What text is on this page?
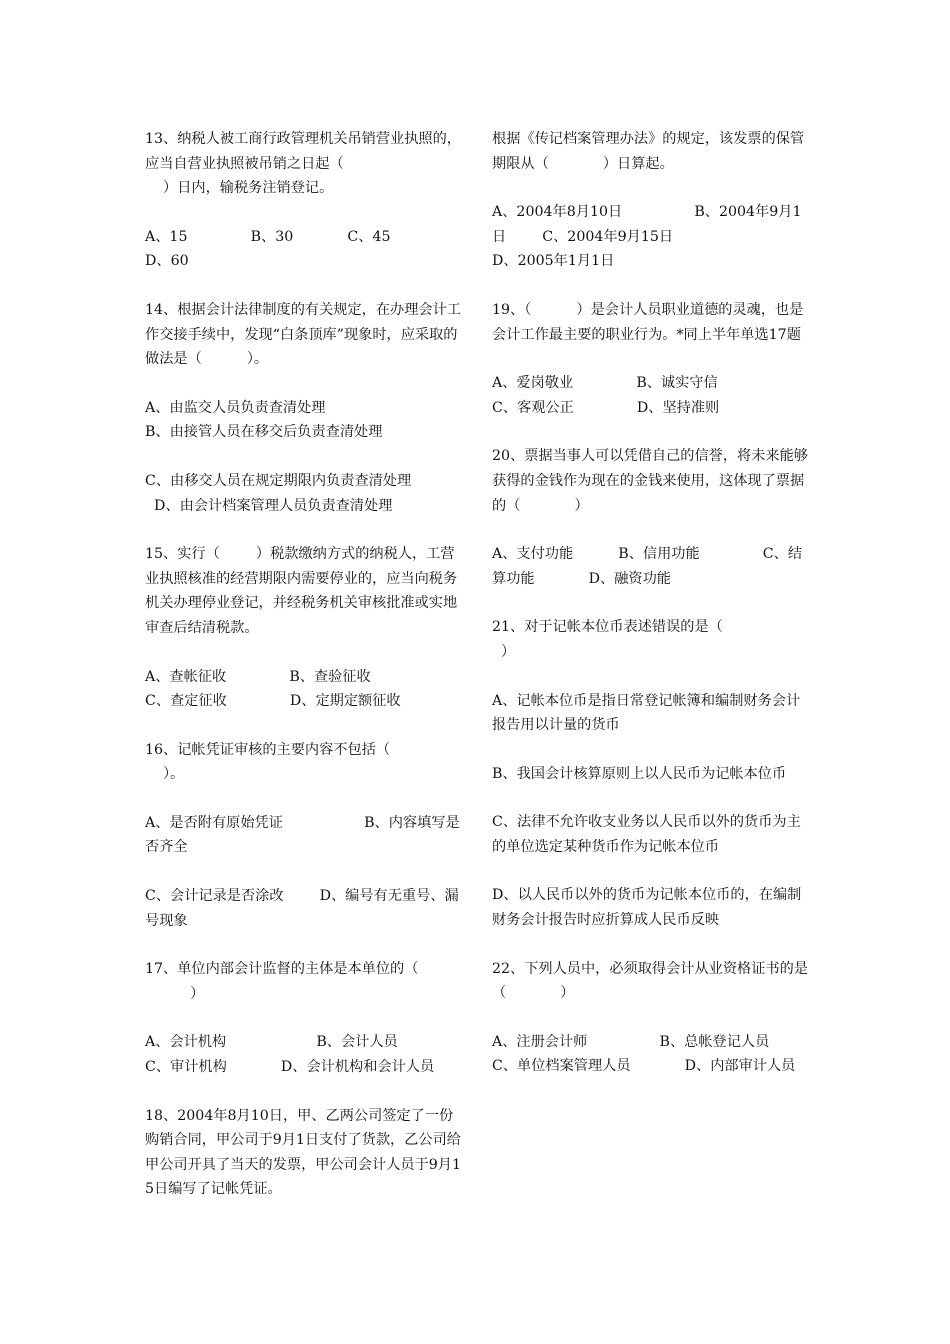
13、纳税人被工商行政管理机关吊销营业执照的，应当自营业执照被吊销之日起（
）日内，输税务注销登记。

A、15              B、30            C、45
D、60

14、根据会计法律制度的有关规定，在办理会计工作交接手续中，发现“白条顶库”现象时，应采取的做法是（          ）。

A、由监交人员负责查清处理
B、由接管人员在移交后负责查清处理

C、由移交人员在规定期限内负责查清处理
D、由会计档案管理人员负责查清处理

15、实行（        ）税款缴纳方式的纳税人，工营业执照核准的经营期限内需要停业的，应当向税务机关办理停业登记，并经税务机关审核批准或实地审查后结清税款。

A、查帐征收              B、查验征收
C、查定征收              D、定期定额征收

16、记帐凭证审核的主要内容不包括（
）。

A、是否附有原始凭证                  B、内容填写是否齐全

C、会计记录是否涂改        D、编号有无重号、漏号现象

17、单位内部会计监督的主体是本单位的（
）

A、会计机构                    B、会计人员              C、审计机构            D、会计机构和会计人员

18、2004年8月10日，甲、乙两公司签定了一份购销合同，甲公司于9月1日支付了货款，乙公司给甲公司开具了当天的发票，甲公司会计人员于9月15日编写了记帐凭证。

根据《传记档案管理办法》的规定，该发票的保管期限从（            ）日算起。

A、2004年8月10日                B、2004年9月1日        C、2004年9月15日
D、2005年1月1日

19、（          ）是会计人员职业道德的灵魂，也是会计工作最主要的职业行为。*同上半年单选17题

A、爱岗敬业              B、诚实守信
C、客观公正              D、坚持准则

20、票据当事人可以凭借自己的信誉，将未来能够获得的金钱作为现在的金钱来使用，这体现了票据的（            ）

A、支付功能          B、信用功能              C、结算功能            D、融资功能

21、对于记帐本位币表述错误的是（
）

A、记帐本位币是指日常登记帐簿和编制财务会计报告用以计量的货币

B、我国会计核算原则上以人民币为记帐本位币

C、法律不允许收支业务以人民币以外的货币为主的单位选定某种货币作为记帐本位币

D、以人民币以外的货币为记帐本位币的，在编制财务会计报告时应折算成人民币反映

22、下列人员中，必须取得会计从业资格证书的是（            ）

A、注册会计师                B、总帐登记人员          C、单位档案管理人员            D、内部审计人员
